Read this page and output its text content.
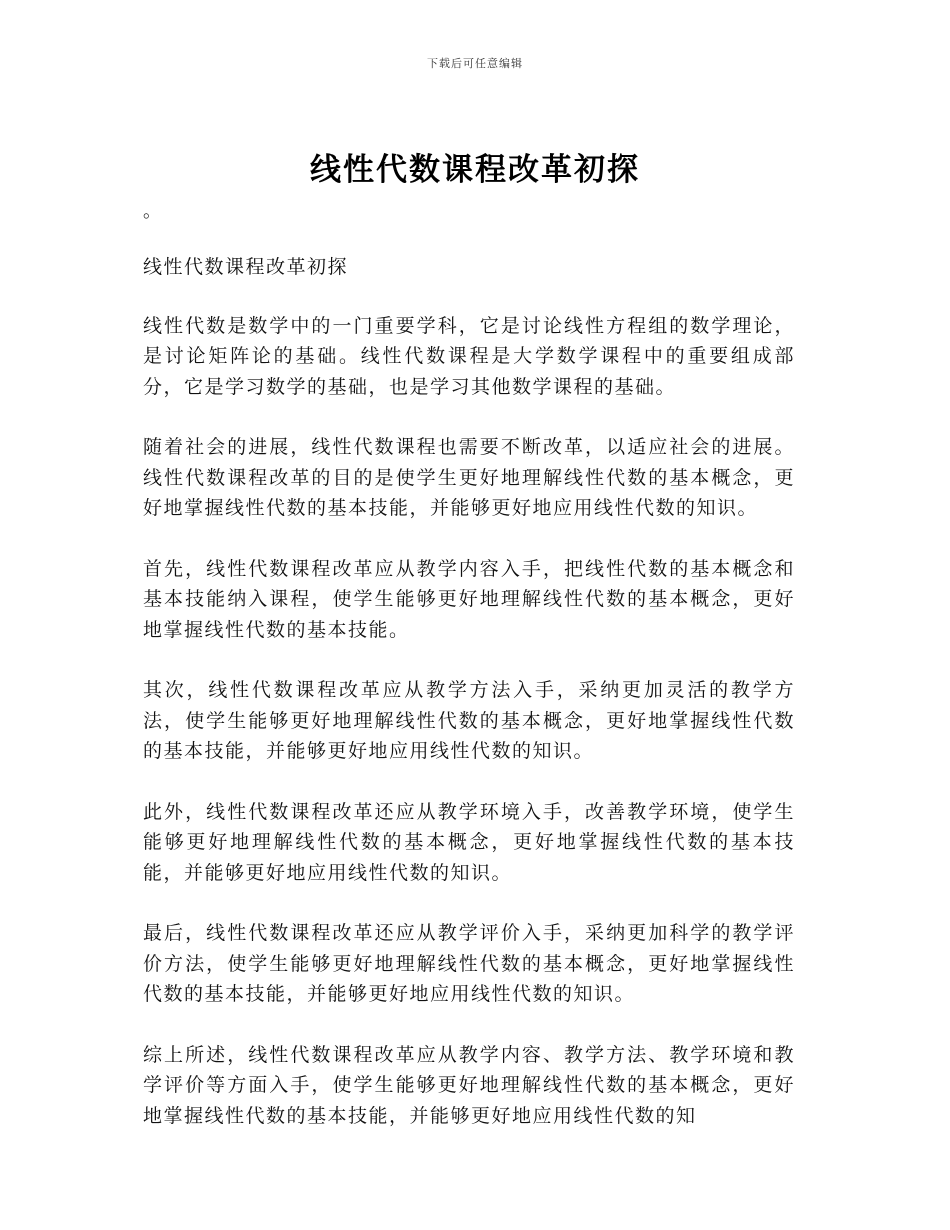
下载后可任意编辑
线性代数课程改革初探
。

线性代数课程改革初探

线性代数是数学中的一门重要学科，它是讨论线性方程组的数学理论，是讨论矩阵论的基础。线性代数课程是大学数学课程中的重要组成部分，它是学习数学的基础，也是学习其他数学课程的基础。

随着社会的进展，线性代数课程也需要不断改革，以适应社会的进展。线性代数课程改革的目的是使学生更好地理解线性代数的基本概念，更好地掌握线性代数的基本技能，并能够更好地应用线性代数的知识。

首先，线性代数课程改革应从教学内容入手，把线性代数的基本概念和基本技能纳入课程，使学生能够更好地理解线性代数的基本概念，更好地掌握线性代数的基本技能。

其次，线性代数课程改革应从教学方法入手，采纳更加灵活的教学方法，使学生能够更好地理解线性代数的基本概念，更好地掌握线性代数的基本技能，并能够更好地应用线性代数的知识。

此外，线性代数课程改革还应从教学环境入手，改善教学环境，使学生能够更好地理解线性代数的基本概念，更好地掌握线性代数的基本技能，并能够更好地应用线性代数的知识。

最后，线性代数课程改革还应从教学评价入手，采纳更加科学的教学评价方法，使学生能够更好地理解线性代数的基本概念，更好地掌握线性代数的基本技能，并能够更好地应用线性代数的知识。

综上所述，线性代数课程改革应从教学内容、教学方法、教学环境和教学评价等方面入手，使学生能够更好地理解线性代数的基本概念，更好地掌握线性代数的基本技能，并能够更好地应用线性代数的知
